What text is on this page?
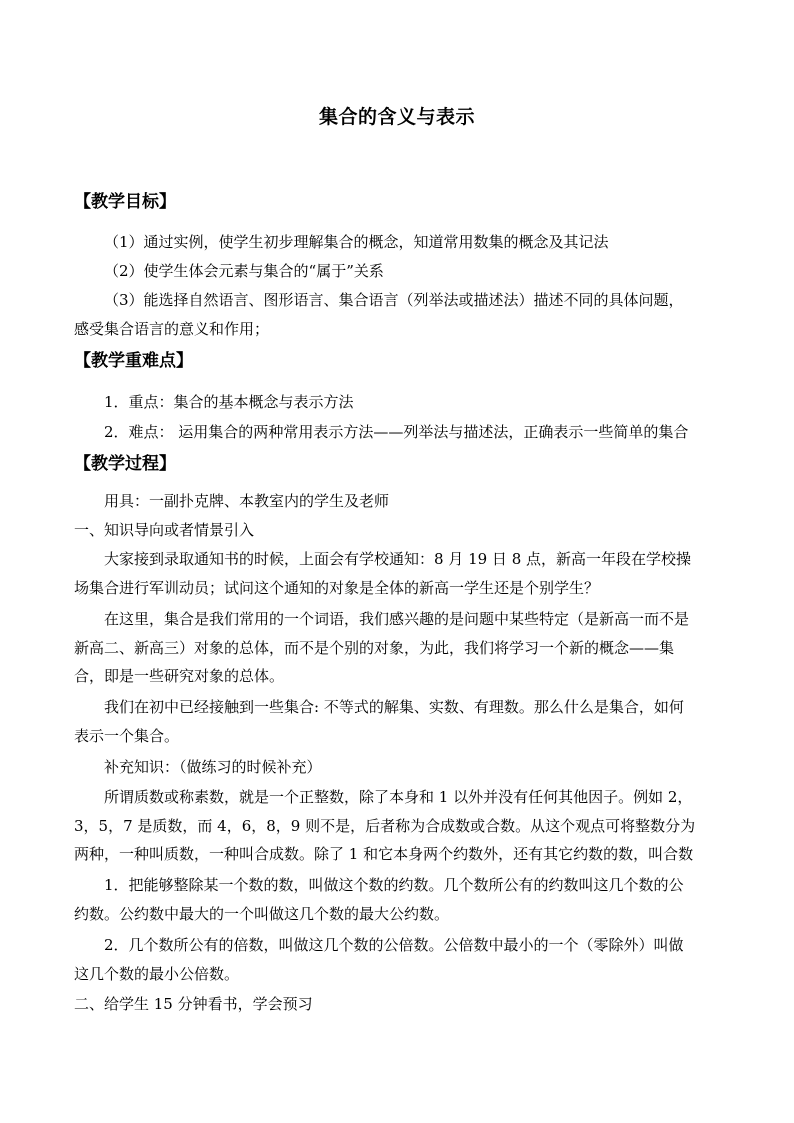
集合的含义与表示
【教学目标】
（1）通过实例，使学生初步理解集合的概念，知道常用数集的概念及其记法
（2）使学生体会元素与集合的“属于”关系
（3）能选择自然语言、图形语言、集合语言（列举法或描述法）描述不同的具体问题，
感受集合语言的意义和作用；
【教学重难点】
1．重点：集合的基本概念与表示方法
2．难点： 运用集合的两种常用表示方法——列举法与描述法，正确表示一些简单的集合
【教学过程】
用具：一副扑克牌、本教室内的学生及老师
一、知识导向或者情景引入
大家接到录取通知书的时候，上面会有学校通知：8 月 19 日 8 点，新高一年段在学校操
场集合进行军训动员；试问这个通知的对象是全体的新高一学生还是个别学生？
在这里，集合是我们常用的一个词语，我们感兴趣的是问题中某些特定（是新高一而不是
新高二、新高三）对象的总体，而不是个别的对象，为此，我们将学习一个新的概念——集
合，即是一些研究对象的总体。
我们在初中已经接触到一些集合: 不等式的解集、实数、有理数。那么什么是集合，如何
表示一个集合。
补充知识：（做练习的时候补充）
所谓质数或称素数，就是一个正整数，除了本身和 1 以外并没有任何其他因子。例如 2，
3，5，7 是质数，而 4，6，8，9 则不是，后者称为合成数或合数。从这个观点可将整数分为
两种，一种叫质数，一种叫合成数。除了 1 和它本身两个约数外，还有其它约数的数，叫合数
1．把能够整除某一个数的数，叫做这个数的约数。几个数所公有的约数叫这几个数的公
约数。公约数中最大的一个叫做这几个数的最大公约数。
2．几个数所公有的倍数，叫做这几个数的公倍数。公倍数中最小的一个（零除外）叫做
这几个数的最小公倍数。
二、给学生 15 分钟看书，学会预习
